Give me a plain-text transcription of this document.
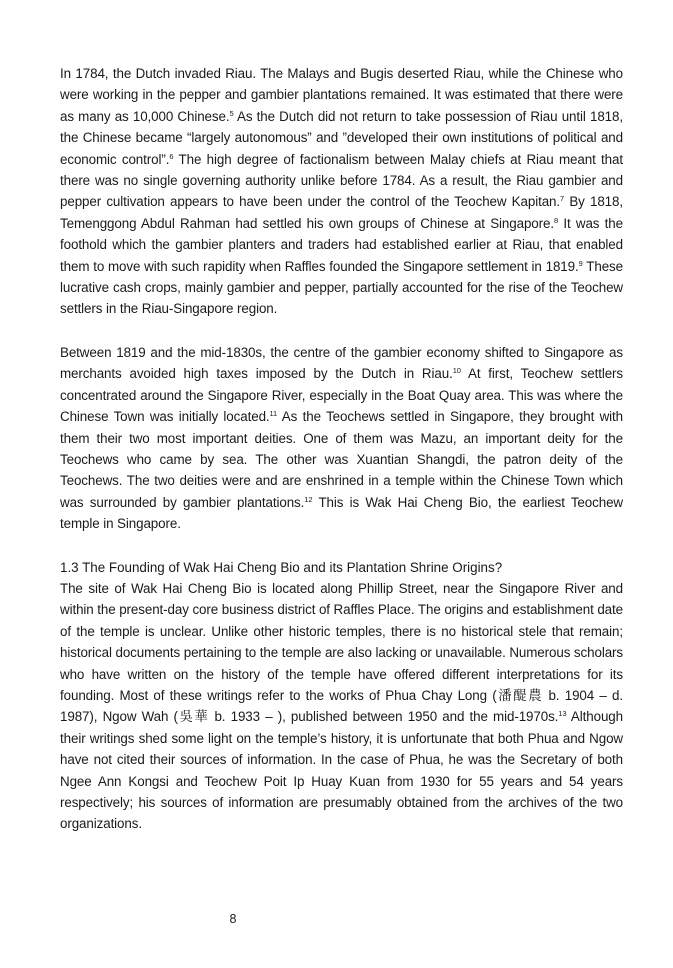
In 1784, the Dutch invaded Riau. The Malays and Bugis deserted Riau, while the Chinese who were working in the pepper and gambier plantations remained. It was estimated that there were as many as 10,000 Chinese.$^5$ As the Dutch did not return to take possession of Riau until 1818, the Chinese became “largely autonomous” and ”developed their own institutions of political and economic control”.$^6$ The high degree of factionalism between Malay chiefs at Riau meant that there was no single governing authority unlike before 1784. As a result, the Riau gambier and pepper cultivation appears to have been under the control of the Teochew Kapitan.$^7$ By 1818, Temenggong Abdul Rahman had settled his own groups of Chinese at Singapore.$^8$ It was the foothold which the gambier planters and traders had established earlier at Riau, that enabled them to move with such rapidity when Raffles founded the Singapore settlement in 1819.$^9$ These lucrative cash crops, mainly gambier and pepper, partially accounted for the rise of the Teochew settlers in the Riau-Singapore region.

Between 1819 and the mid-1830s, the centre of the gambier economy shifted to Singapore as merchants avoided high taxes imposed by the Dutch in Riau.$^{10}$ At first, Teochew settlers concentrated around the Singapore River, especially in the Boat Quay area. This was where the Chinese Town was initially located.$^{11}$ As the Teochews settled in Singapore, they brought with them their two most important deities. One of them was Mazu, an important deity for the Teochews who came by sea. The other was Xuantian Shangdi, the patron deity of the Teochews. The two deities were and are enshrined in a temple within the Chinese Town which was surrounded by gambier plantations.$^{12}$ This is Wak Hai Cheng Bio, the earliest Teochew temple in Singapore.

1.3 The Founding of Wak Hai Cheng Bio and its Plantation Shrine Origins?

The site of Wak Hai Cheng Bio is located along Phillip Street, near the Singapore River and within the present-day core business district of Raffles Place. The origins and establishment date of the temple is unclear. Unlike other historic temples, there is no historical stele that remain; historical documents pertaining to the temple are also lacking or unavailable. Numerous scholars who have written on the history of the temple have offered different interpretations for its founding. Most of these writings refer to the works of Phua Chay Long (潘醍農 b. 1904 – d. 1987), Ngow Wah (吳華 b. 1933 – ), published between 1950 and the mid-1970s.$^{13}$ Although their writings shed some light on the temple’s history, it is unfortunate that both Phua and Ngow have not cited their sources of information. In the case of Phua, he was the Secretary of both Ngee Ann Kongsi and Teochew Poit Ip Huay Kuan from 1930 for 55 years and 54 years respectively; his sources of information are presumably obtained from the archives of the two organizations.

8
